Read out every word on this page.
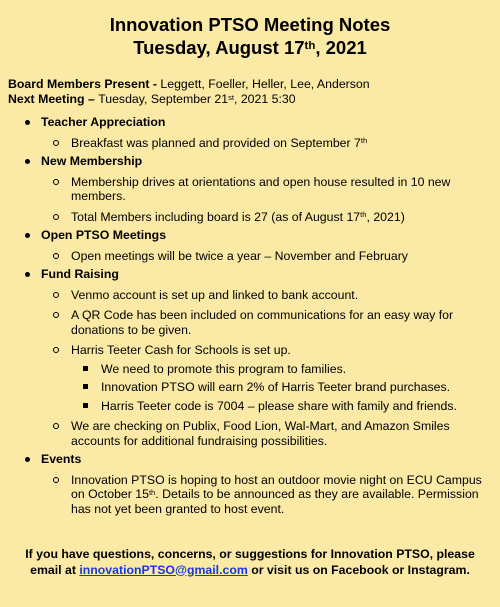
Innovation PTSO Meeting Notes
Tuesday, August 17th, 2021
Board Members Present - Leggett, Foeller, Heller, Lee, Anderson
Next Meeting – Tuesday, September 21st, 2021 5:30
Teacher Appreciation
Breakfast was planned and provided on September 7th
New Membership
Membership drives at orientations and open house resulted in 10 new members.
Total Members including board is 27 (as of August 17th, 2021)
Open PTSO Meetings
Open meetings will be twice a year – November and February
Fund Raising
Venmo account is set up and linked to bank account.
A QR Code has been included on communications for an easy way for donations to be given.
Harris Teeter Cash for Schools is set up.
We need to promote this program to families.
Innovation PTSO will earn 2% of Harris Teeter brand purchases.
Harris Teeter code is 7004 – please share with family and friends.
We are checking on Publix, Food Lion, Wal-Mart, and Amazon Smiles accounts for additional fundraising possibilities.
Events
Innovation PTSO is hoping to host an outdoor movie night on ECU Campus on October 15th. Details to be announced as they are available. Permission has not yet been granted to host event.
If you have questions, concerns, or suggestions for Innovation PTSO, please email at innovationPTSO@gmail.com or visit us on Facebook or Instagram.
